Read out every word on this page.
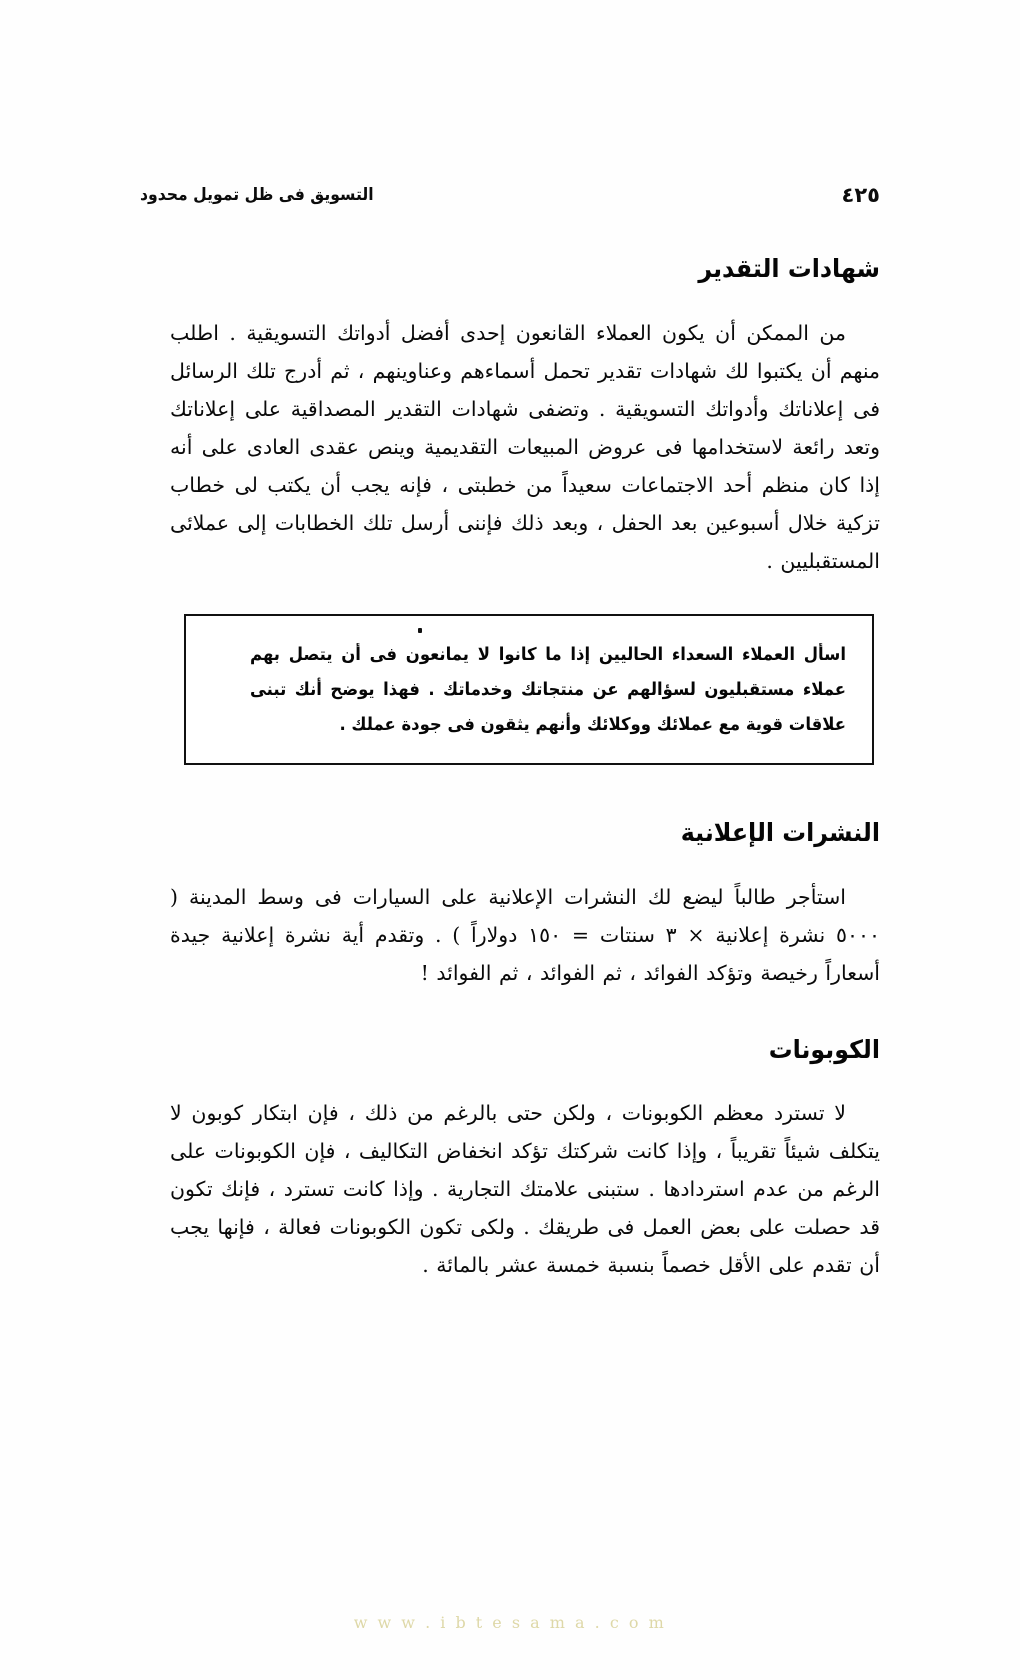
٤٢٥
التسويق فى ظل تمويل محدود
شهادات التقدير

من الممكن أن يكون العملاء القانعون إحدى أفضل أدواتك التسويقية . اطلب منهم أن يكتبوا لك شهادات تقدير تحمل أسماءهم وعناوينهم ، ثم أدرج تلك الرسائل فى إعلاناتك وأدواتك التسويقية . وتضفى شهادات التقدير المصداقية على إعلاناتك وتعد رائعة لاستخدامها فى عروض المبيعات التقديمية وينص عقدى العادى على أنه إذا كان منظم أحد الاجتماعات سعيداً من خطبتى ، فإنه يجب أن يكتب لى خطاب تزكية خلال أسبوعين بعد الحفل ، وبعد ذلك فإننى أرسل تلك الخطابات إلى عملائى المستقبليين .

اسأل العملاء السعداء الحاليين إذا ما كانوا لا يمانعون فى أن يتصل بهم عملاء مستقبليون لسؤالهم عن منتجاتك وخدماتك . فهذا يوضح أنك تبنى علاقات قوية مع عملائك ووكلائك وأنهم يثقون فى جودة عملك .

النشرات الإعلانية

استأجر طالباً ليضع لك النشرات الإعلانية على السيارات فى وسط المدينة ( ٥٠٠٠ نشرة إعلانية × ٣ سنتات = ١٥٠ دولاراً ) . وتقدم أية نشرة إعلانية جيدة أسعاراً رخيصة وتؤكد الفوائد ، ثم الفوائد ، ثم الفوائد !

الكوبونات

لا تسترد معظم الكوبونات ، ولكن حتى بالرغم من ذلك ، فإن ابتكار كوبون لا يتكلف شيئاً تقريباً ، وإذا كانت شركتك تؤكد انخفاض التكاليف ، فإن الكوبونات على الرغم من عدم استردادها . ستبنى علامتك التجارية . وإذا كانت تسترد ، فإنك تكون قد حصلت على بعض العمل فى طريقك . ولكى تكون الكوبونات فعالة ، فإنها يجب أن تقدم على الأقل خصماً بنسبة خمسة عشر بالمائة .

w w w . i b t e s a m a . c o m
